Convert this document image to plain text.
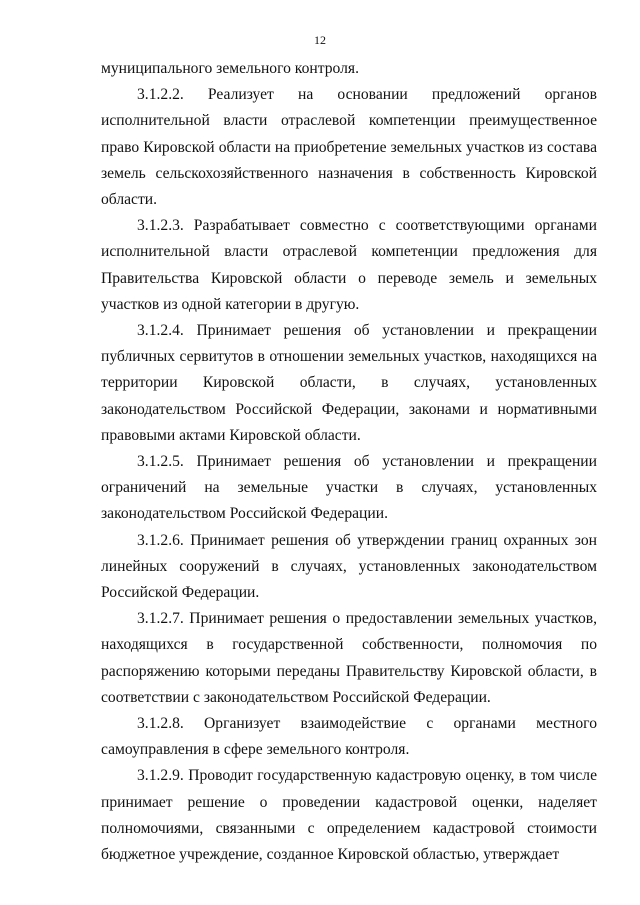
12

муниципального земельного контроля.

3.1.2.2. Реализует на основании предложений органов исполнительной власти отраслевой компетенции преимущественное право Кировской области на приобретение земельных участков из состава земель сельскохозяйственного назначения в собственность Кировской области.

3.1.2.3. Разрабатывает совместно с соответствующими органами исполнительной власти отраслевой компетенции предложения для Правительства Кировской области о переводе земель и земельных участков из одной категории в другую.

3.1.2.4. Принимает решения об установлении и прекращении публичных сервитутов в отношении земельных участков, находящихся на территории Кировской области, в случаях, установленных законодательством Российской Федерации, законами и нормативными правовыми актами Кировской области.

3.1.2.5. Принимает решения об установлении и прекращении ограничений на земельные участки в случаях, установленных законодательством Российской Федерации.

3.1.2.6. Принимает решения об утверждении границ охранных зон линейных сооружений в случаях, установленных законодательством Российской Федерации.

3.1.2.7. Принимает решения о предоставлении земельных участков, находящихся в государственной собственности, полномочия по распоряжению которыми переданы Правительству Кировской области, в соответствии с законодательством Российской Федерации.

3.1.2.8. Организует взаимодействие с органами местного самоуправления в сфере земельного контроля.

3.1.2.9. Проводит государственную кадастровую оценку, в том числе принимает решение о проведении кадастровой оценки, наделяет полномочиями, связанными с определением кадастровой стоимости бюджетное учреждение, созданное Кировской областью, утверждает
